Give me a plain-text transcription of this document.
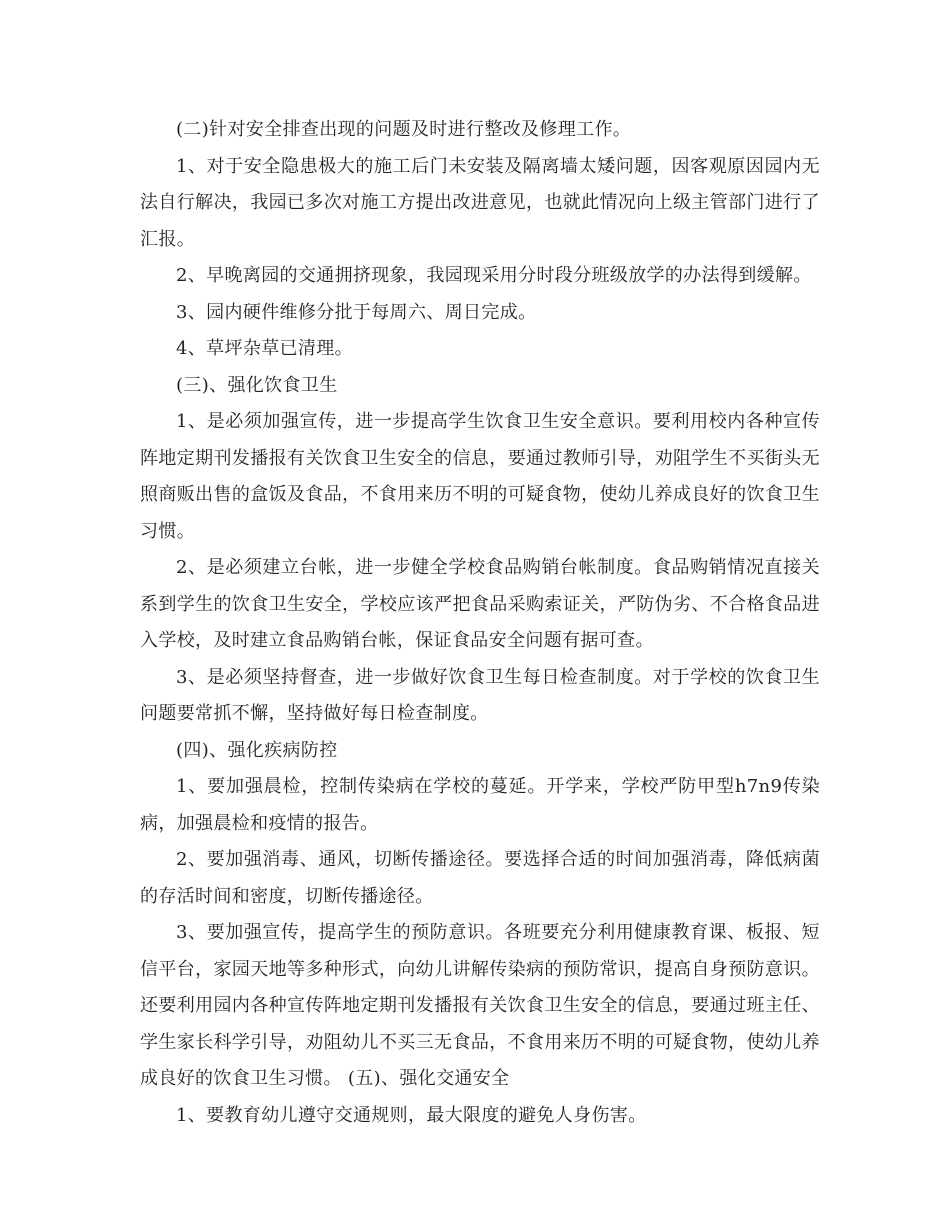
(二)针对安全排查出现的问题及时进行整改及修理工作。

1、对于安全隐患极大的施工后门未安装及隔离墙太矮问题，因客观原因园内无法自行解决，我园已多次对施工方提出改进意见，也就此情况向上级主管部门进行了汇报。

2、早晚离园的交通拥挤现象，我园现采用分时段分班级放学的办法得到缓解。

3、园内硬件维修分批于每周六、周日完成。

4、草坪杂草已清理。

(三)、强化饮食卫生

1、是必须加强宣传，进一步提高学生饮食卫生安全意识。要利用校内各种宣传阵地定期刊发播报有关饮食卫生安全的信息，要通过教师引导，劝阻学生不买街头无照商贩出售的盒饭及食品，不食用来历不明的可疑食物，使幼儿养成良好的饮食卫生习惯。

2、是必须建立台帐，进一步健全学校食品购销台帐制度。食品购销情况直接关系到学生的饮食卫生安全，学校应该严把食品采购索证关，严防伪劣、不合格食品进入学校，及时建立食品购销台帐，保证食品安全问题有据可查。

3、是必须坚持督查，进一步做好饮食卫生每日检查制度。对于学校的饮食卫生问题要常抓不懈，坚持做好每日检查制度。

(四)、强化疾病防控

1、要加强晨检，控制传染病在学校的蔓延。开学来，学校严防甲型h7n9传染病，加强晨检和疫情的报告。

2、要加强消毒、通风，切断传播途径。要选择合适的时间加强消毒，降低病菌的存活时间和密度，切断传播途径。

3、要加强宣传，提高学生的预防意识。各班要充分利用健康教育课、板报、短信平台，家园天地等多种形式，向幼儿讲解传染病的预防常识，提高自身预防意识。还要利用园内各种宣传阵地定期刊发播报有关饮食卫生安全的信息，要通过班主任、学生家长科学引导，劝阻幼儿不买三无食品，不食用来历不明的可疑食物，使幼儿养成良好的饮食卫生习惯。 (五)、强化交通安全

1、要教育幼儿遵守交通规则，最大限度的避免人身伤害。
